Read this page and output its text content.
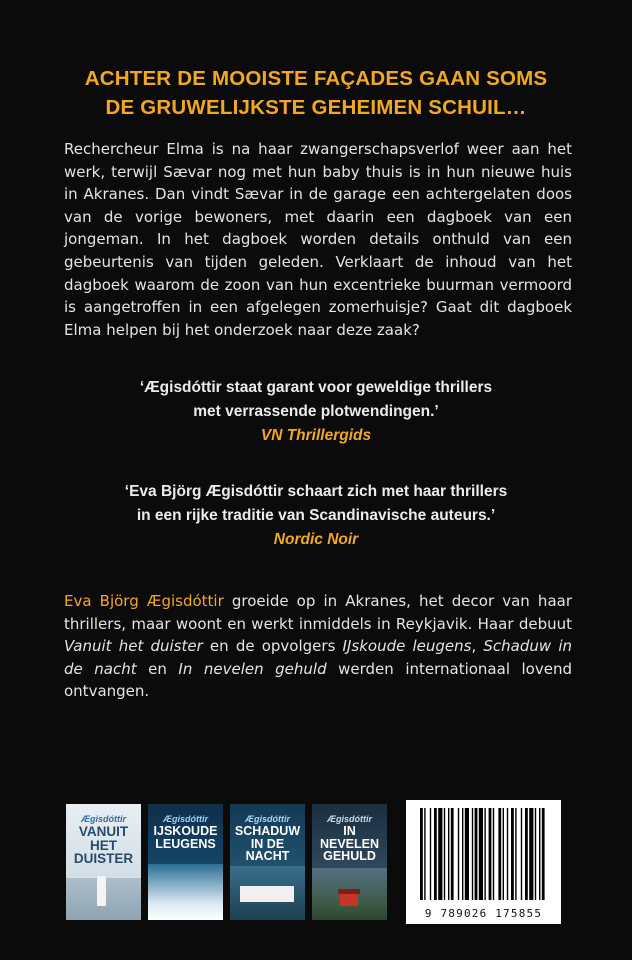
ACHTER DE MOOISTE FAÇADES GAAN SOMS
DE GRUWELIJKSTE GEHEIMEN SCHUIL…

Rechercheur Elma is na haar zwangerschapsverlof weer aan het werk, terwijl Sævar nog met hun baby thuis is in hun nieuwe huis in Akranes. Dan vindt Sævar in de garage een achtergelaten doos van de vorige bewoners, met daarin een dagboek van een jongeman. In het dagboek worden details onthuld van een gebeurtenis van tijden geleden. Verklaart de inhoud van het dagboek waarom de zoon van hun excentrieke buurman vermoord is aangetroffen in een afgelegen zomerhuisje? Gaat dit dagboek Elma helpen bij het onderzoek naar deze zaak?

‘Ægisdóttir staat garant voor geweldige thrillers
met verrassende plotwendingen.’
VN Thrillergids
‘Eva Björg Ægisdóttir schaart zich met haar thrillers
in een rijke traditie van Scandinavische auteurs.’
Nordic Noir

Eva Björg Ægisdóttir groeide op in Akranes, het decor van haar thrillers, maar woont en werkt inmiddels in Reykjavik. Haar debuut Vanuit het duister en de opvolgers IJskoude leugens, Schaduw in de nacht en In nevelen gehuld werden internationaal lovend ontvangen.

Ægisdóttir
VANUIT
HET
DUISTER
Ægisdóttir
IJSKOUDE
LEUGENS
Ægisdóttir
SCHADUW
IN DE NACHT
Ægisdóttir
IN NEVELEN
GEHULD
9 789026 175855
